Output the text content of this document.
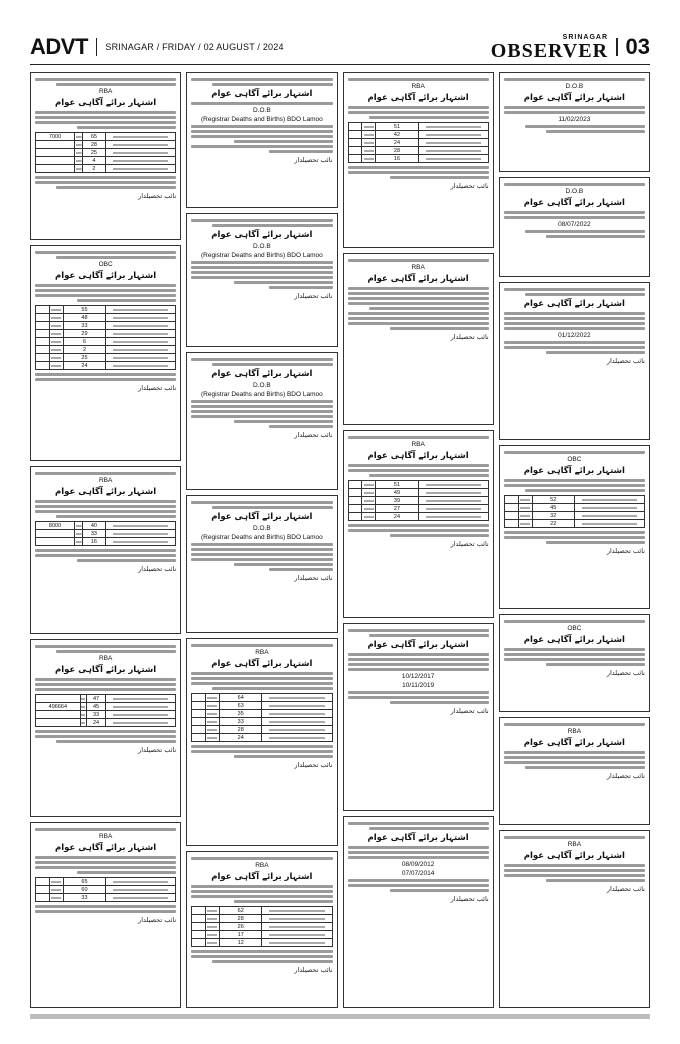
ADVT SRINAGAR / FRIDAY / 02 AUGUST / 2024
SRINAGAR
OBSERVER 03
RBA
اشتہار برائے آگاہی عوام
7000		65	
		28	
		25	
		4	
		2	
نائب تحصیلدار
OBC
اشتہار برائے آگاہی عوام
		55	
		48	
		33	
		29	
		6	
		2	
		25	
		24	
نائب تحصیلدار
RBA
اشتہار برائے آگاہی عوام
8000		40	
		33	
		16	
نائب تحصیلدار
RBA
اشتہار برائے آگاہی عوام
		47	
496664		45	
		33	
		24	
نائب تحصیلدار
RBA
اشتہار برائے آگاہی عوام
		65	
		60	
		33	
نائب تحصیلدار
اشتہار برائے آگاہی عوام
D.O.B
(Registrar Deaths and Births) BDO Lamoo
نائب تحصیلدار
اشتہار برائے آگاہی عوام
D.O.B
(Registrar Deaths and Births) BDO Lamoo
نائب تحصیلدار
اشتہار برائے آگاہی عوام
D.O.B
(Registrar Deaths and Births) BDO Lamoo
نائب تحصیلدار
اشتہار برائے آگاہی عوام
D.O.B
(Registrar Deaths and Births) BDO Lamoo
نائب تحصیلدار
RBA
اشتہار برائے آگاہی عوام
		64	
		63	
		35	
		33	
		28	
		24	
نائب تحصیلدار
RBA
اشتہار برائے آگاہی عوام
		62	
		28	
		26	
		17	
		12	
نائب تحصیلدار
RBA
اشتہار برائے آگاہی عوام
		51	
		42	
		24	
		28	
		16	
نائب تحصیلدار
RBA
اشتہار برائے آگاہی عوام
نائب تحصیلدار
RBA
اشتہار برائے آگاہی عوام
		51	
		49	
		39	
		27	
		24	
نائب تحصیلدار
اشتہار برائے آگاہی عوام
10/12/2017
10/11/2019
نائب تحصیلدار
اشتہار برائے آگاہی عوام
08/09/2012
07/07/2014
نائب تحصیلدار
D.O.B
اشتہار برائے آگاہی عوام
11/02/2023
D.O.B
اشتہار برائے آگاہی عوام
08/07/2022
اشتہار برائے آگاہی عوام
01/12/2022
نائب تحصیلدار
OBC
اشتہار برائے آگاہی عوام
		52	
		45	
		32	
		22	
نائب تحصیلدار
OBC
اشتہار برائے آگاہی عوام
نائب تحصیلدار
RBA
اشتہار برائے آگاہی عوام
نائب تحصیلدار
RBA
اشتہار برائے آگاہی عوام
نائب تحصیلدار
